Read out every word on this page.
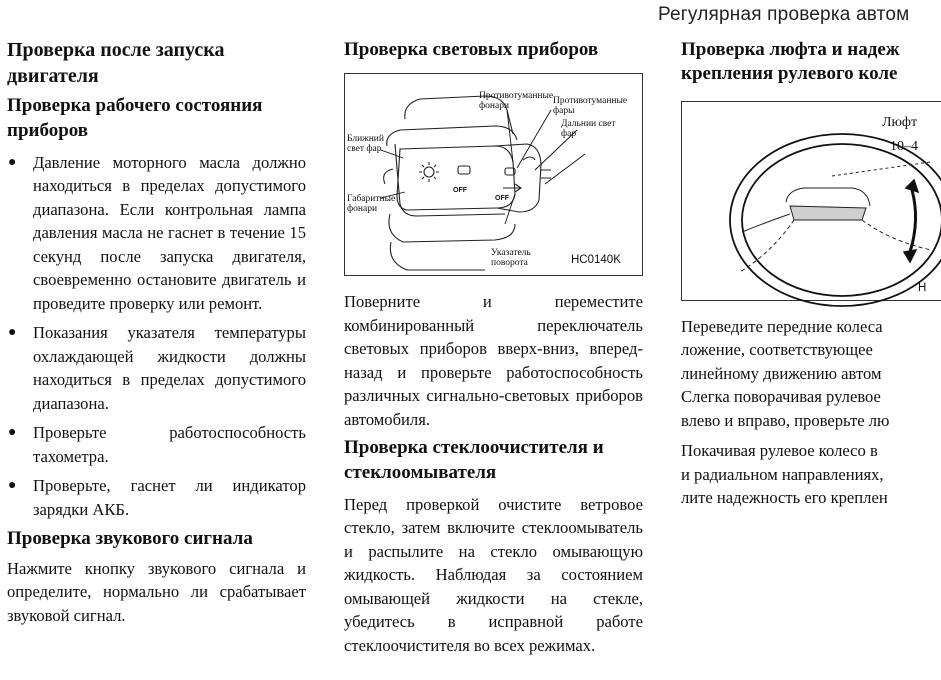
Регулярная проверка автом
Проверка после запуска двигателя
Проверка рабочего состояния приборов
● Давление моторного масла должно находиться в пределах допустимого диапазона. Если контрольная лампа давления масла не гаснет в течение 15 секунд после запуска двигателя, своевременно остановите двигатель и проведите проверку или ремонт.
● Показания указателя температуры охлаждающей жидкости должны находиться в пределах допустимого диапазона.
● Проверьте работоспособность тахометра.
● Проверьте, гаснет ли индикатор зарядки АКБ.
Проверка звукового сигнала

Нажмите кнопку звукового сигнала и определите, нормально ли срабатывает звуковой сигнал.

Проверка световых приборов
OFF
OFF
Противотуманные фонари	Противотуманные фары
Дальнии свет фар
Ближний свет фар
Габаритные фонари
Указатель поворота	HC0140K

Поверните и переместите комбинированный переключатель световых приборов вверх-вниз, вперед-назад и проверьте работоспособность различных сигнально-световых приборов автомобиля.

Проверка стеклоочистителя и стеклоомывателя

Перед проверкой очистите ветровое стекло, затем включите стеклоомыватель и распылите на стекло омывающую жидкость. Наблюдая за состоянием омывающей жидкости на стекле, убедитесь в исправной работе стеклоочистителя во всех режимах.

Проверка люфта и надеж
крепления рулевого коле
Люфт
10–4
Н
Переведите передние колеса
ложение, соответствующее
линейному движению автом
Слегка поворачивая рулевое
влево и вправо, проверьте лю
Покачивая рулевое колесо в
и радиальном направлениях,
лите надежность его креплен
